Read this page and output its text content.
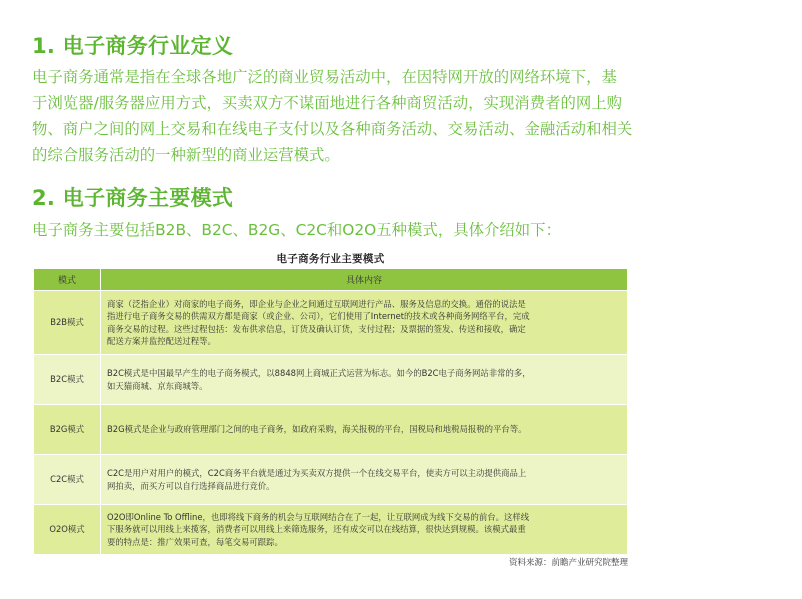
1. 电子商务行业定义
电子商务通常是指在全球各地广泛的商业贸易活动中，在因特网开放的网络环境下，基
于浏览器/服务器应用方式，买卖双方不谋面地进行各种商贸活动，实现消费者的网上购
物、商户之间的网上交易和在线电子支付以及各种商务活动、交易活动、金融活动和相关
的综合服务活动的一种新型的商业运营模式。
2. 电子商务主要模式
电子商务主要包括B2B、B2C、B2G、C2C和O2O五种模式，具体介绍如下：
电子商务行业主要模式
模式	具体内容
B2B模式	商家（泛指企业）对商家的电子商务，即企业与企业之间通过互联网进行产品、服务及信息的交换。通俗的说法是
指进行电子商务交易的供需双方都是商家（或企业、公司），它们使用了Internet的技术或各种商务网络平台，完成
商务交易的过程。这些过程包括：发布供求信息，订货及确认订货，支付过程；及票据的签发、传送和接收，确定
配送方案并监控配送过程等。

B2C模式	B2C模式是中国最早产生的电子商务模式，以8848网上商城正式运营为标志。如今的B2C电子商务网站非常的多，
如天猫商城、京东商城等。

B2G模式	B2G模式是企业与政府管理部门之间的电子商务，如政府采购，海关报税的平台，国税局和地税局报税的平台等。

C2C模式	C2C是用户对用户的模式，C2C商务平台就是通过为买卖双方提供一个在线交易平台，使卖方可以主动提供商品上
网拍卖，而买方可以自行选择商品进行竞价。

O2O模式	O2O即Online To Offline，也即将线下商务的机会与互联网结合在了一起，让互联网成为线下交易的前台。这样线
下服务就可以用线上来揽客，消费者可以用线上来筛选服务，还有成交可以在线结算，很快达到规模。该模式最重
要的特点是：推广效果可查，每笔交易可跟踪。
资料来源：前瞻产业研究院整理
